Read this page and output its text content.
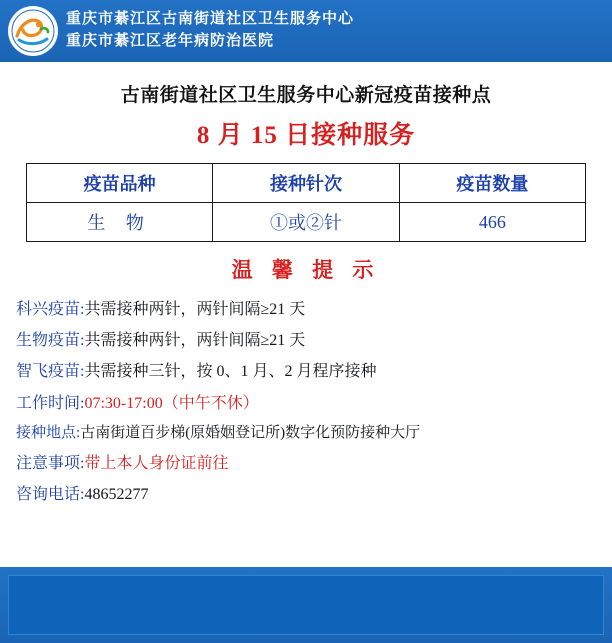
重庆市綦江区古南街道社区卫生服务中心
重庆市綦江区老年病防治医院
古南街道社区卫生服务中心新冠疫苗接种点
8 月 15 日接种服务
疫苗品种	接种针次	疫苗数量
生 物	①或②针	466
温 馨 提 示
科兴疫苗:共需接种两针，两针间隔≥21 天
生物疫苗:共需接种两针，两针间隔≥21 天
智飞疫苗:共需接种三针，按 0、1 月、2 月程序接种
工作时间:07:30-17:00（中午不休）
接种地点:古南街道百步梯(原婚姻登记所)数字化预防接种大厅
注意事项:带上本人身份证前往
咨询电话:48652277
